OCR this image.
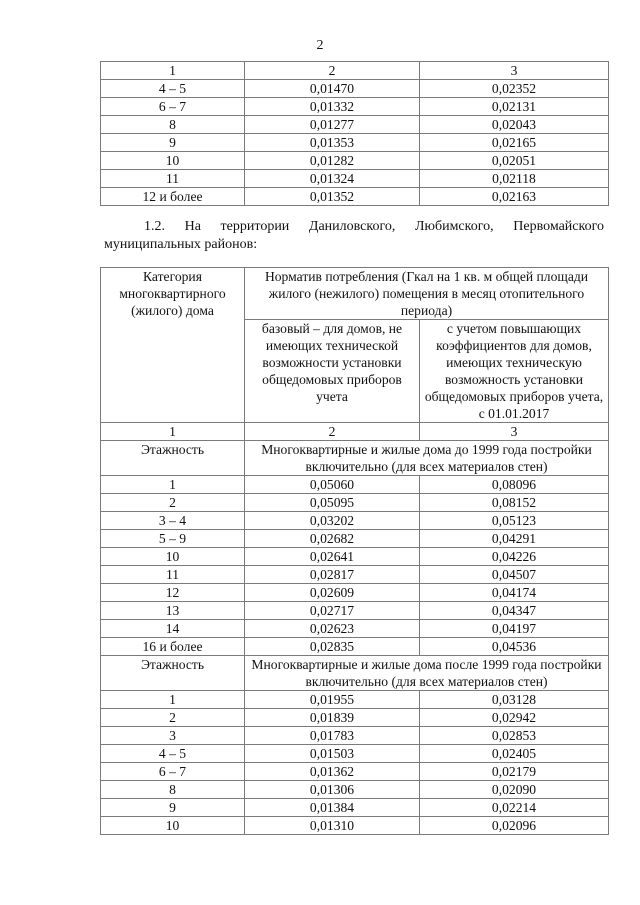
2
1	2	3
4 – 5	0,01470	0,02352
6 – 7	0,01332	0,02131
8	0,01277	0,02043
9	0,01353	0,02165
10	0,01282	0,02051
11	0,01324	0,02118
12 и более	0,01352	0,02163
1.2. На территории Даниловского, Любимского, Первомайского
муниципальных районов:
Категория многоквартирного (жилого) дома	Норматив потребления (Гкал на 1 кв. м общей площади жилого (нежилого) помещения в месяц отопительного периода)	
	базовый – для домов, не имеющих технической возможности установки общедомовых приборов учета	с учетом повышающих коэффициентов для домов, имеющих техническую возможность установки общедомовых приборов учета, с 01.01.2017
1	2	3
Этажность	Многоквартирные и жилые дома до 1999 года постройки включительно (для всех материалов стен)	
1	0,05060	0,08096
2	0,05095	0,08152
3 – 4	0,03202	0,05123
5 – 9	0,02682	0,04291
10	0,02641	0,04226
11	0,02817	0,04507
12	0,02609	0,04174
13	0,02717	0,04347
14	0,02623	0,04197
16 и более	0,02835	0,04536
Этажность	Многоквартирные и жилые дома после 1999 года постройки включительно (для всех материалов стен)	
1	0,01955	0,03128
2	0,01839	0,02942
3	0,01783	0,02853
4 – 5	0,01503	0,02405
6 – 7	0,01362	0,02179
8	0,01306	0,02090
9	0,01384	0,02214
10	0,01310	0,02096
